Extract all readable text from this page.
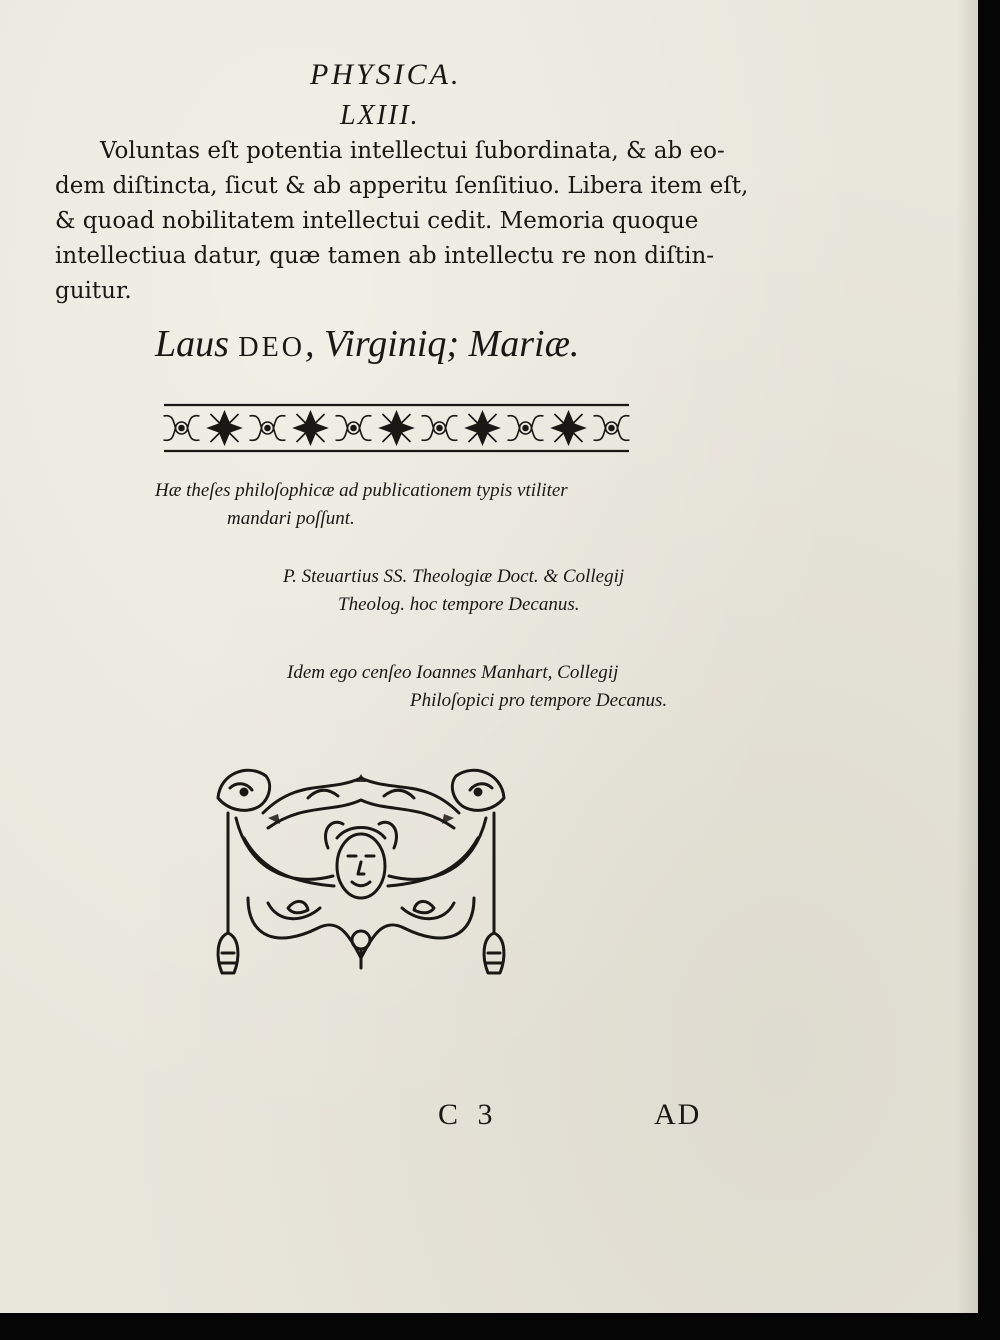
PHYSICA.
LXIII.
Voluntas eſt potentia intellectui ſubordinata, & ab eo-
dem diſtincta, ſicut & ab apperitu ſenſitiuo. Libera item eſt,
& quoad nobilitatem intellectui cedit. Memoria quoque
intellectiua datur, quæ tamen ab intellectu re non diſtin-
guitur.
Laus DEO, Virginiq; Mariæ.
Hæ theſes philoſophicæ ad publicationem typis vtiliter
mandari poſſunt.
P. Steuartius SS. Theologiæ Doct. & Collegij
Theolog. hoc tempore Decanus.
Idem ego cenſeo Ioannes Manhart, Collegij
Philoſopici pro tempore Decanus.
C 3	AD
